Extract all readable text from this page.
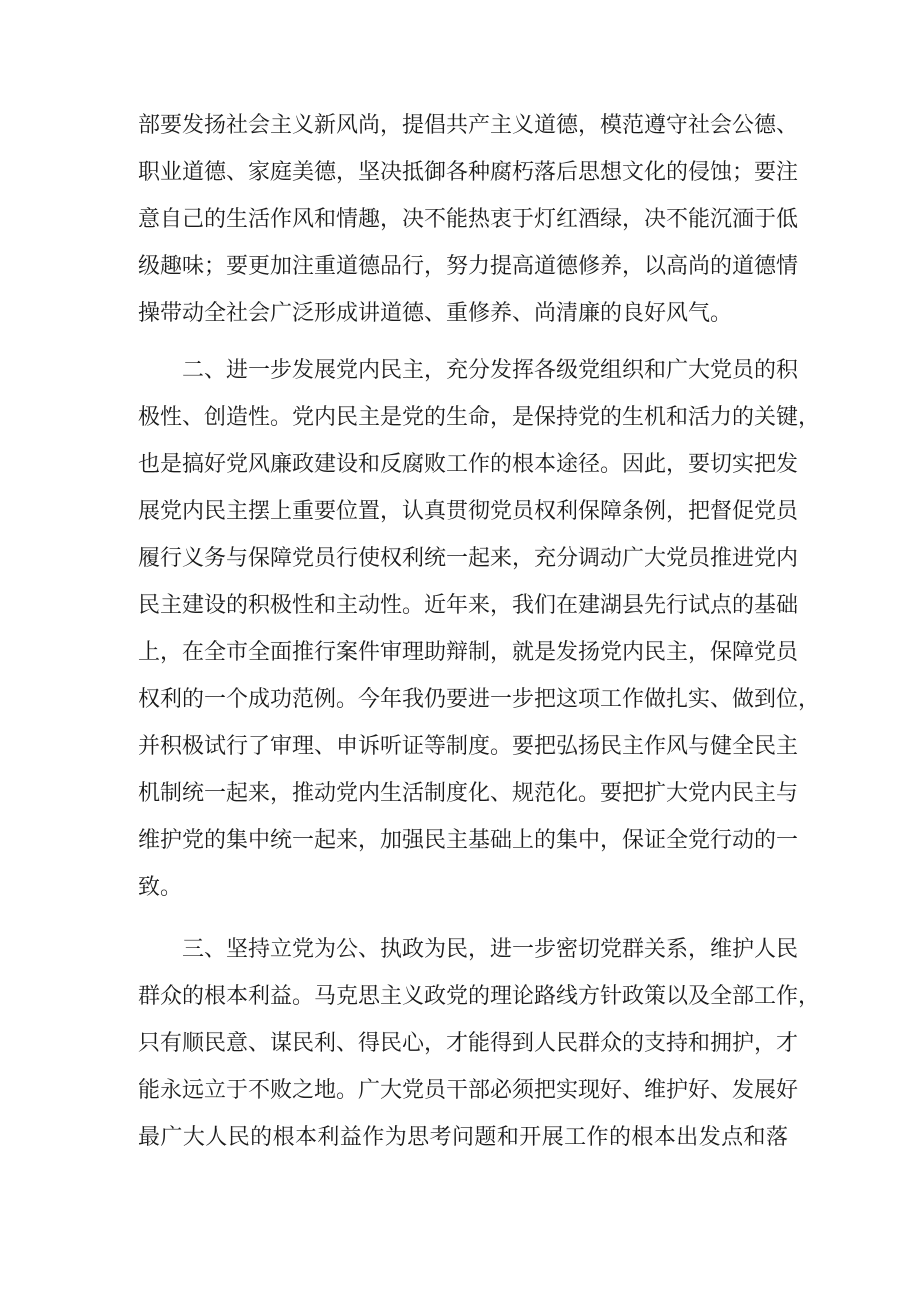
部要发扬社会主义新风尚，提倡共产主义道德，模范遵守社会公德、
职业道德、家庭美德，坚决抵御各种腐朽落后思想文化的侵蚀；要注
意自己的生活作风和情趣，决不能热衷于灯红酒绿，决不能沉湎于低
级趣味；要更加注重道德品行，努力提高道德修养，以高尚的道德情
操带动全社会广泛形成讲道德、重修养、尚清廉的良好风气。
二、进一步发展党内民主，充分发挥各级党组织和广大党员的积
极性、创造性。党内民主是党的生命，是保持党的生机和活力的关键，
也是搞好党风廉政建设和反腐败工作的根本途径。因此，要切实把发
展党内民主摆上重要位置，认真贯彻党员权利保障条例，把督促党员
履行义务与保障党员行使权利统一起来，充分调动广大党员推进党内
民主建设的积极性和主动性。近年来，我们在建湖县先行试点的基础
上，在全市全面推行案件审理助辩制，就是发扬党内民主，保障党员
权利的一个成功范例。今年我仍要进一步把这项工作做扎实、做到位，
并积极试行了审理、申诉听证等制度。要把弘扬民主作风与健全民主
机制统一起来，推动党内生活制度化、规范化。要把扩大党内民主与
维护党的集中统一起来，加强民主基础上的集中，保证全党行动的一
致。
三、坚持立党为公、执政为民，进一步密切党群关系，维护人民
群众的根本利益。马克思主义政党的理论路线方针政策以及全部工作，
只有顺民意、谋民利、得民心，才能得到人民群众的支持和拥护，才
能永远立于不败之地。广大党员干部必须把实现好、维护好、发展好
最广大人民的根本利益作为思考问题和开展工作的根本出发点和落
